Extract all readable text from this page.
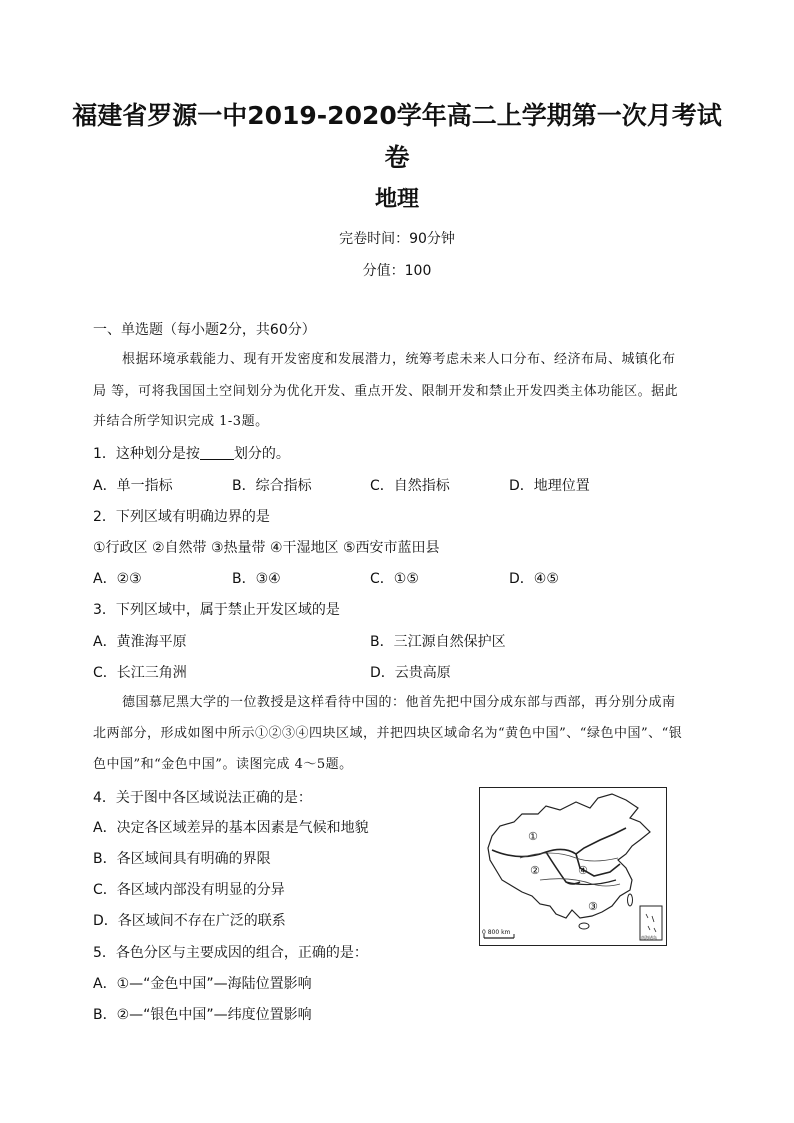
福建省罗源一中2019-2020学年高二上学期第一次月考试
卷
地理
完卷时间：90分钟
分值：100
一、单选题（每小题2分，共60分）
根据环境承载能力、现有开发密度和发展潜力，统筹考虑未来人口分布、经济布局、城镇化布
局 等，可将我国国土空间划分为优化开发、重点开发、限制开发和禁止开发四类主体功能区。据此
并结合所学知识完成 1-3题。
1．这种划分是按 划分的。
A．单一指标	B．综合指标	C．自然指标	D．地理位置
2．下列区域有明确边界的是
①行政区 ②自然带 ③热量带 ④干湿地区 ⑤西安市蓝田县
A．②③	B．③④	C．①⑤	D．④⑤
3．下列区域中，属于禁止开发区域的是
A．黄淮海平原	B．三江源自然保护区
C．长江三角洲	D．云贵高原
德国慕尼黑大学的一位教授是这样看待中国的：他首先把中国分成东部与西部，再分别分成南
北两部分，形成如图中所示①②③④四块区域，并把四块区域命名为“黄色中国”、“绿色中国”、“银
色中国”和“金色中国”。读图完成 4～5题。
4．关于图中各区域说法正确的是：
A．决定各区域差异的基本因素是气候和地貌
B．各区域间具有明确的界限
C．各区域内部没有明显的分异
D．各区域间不存在广泛的联系
5．各色分区与主要成因的组合，正确的是：
A．①—“金色中国”—海陆位置影响
B．②—“银色中国”—纬度位置影响
①
②	④
③
0 800 km
南海诸岛
